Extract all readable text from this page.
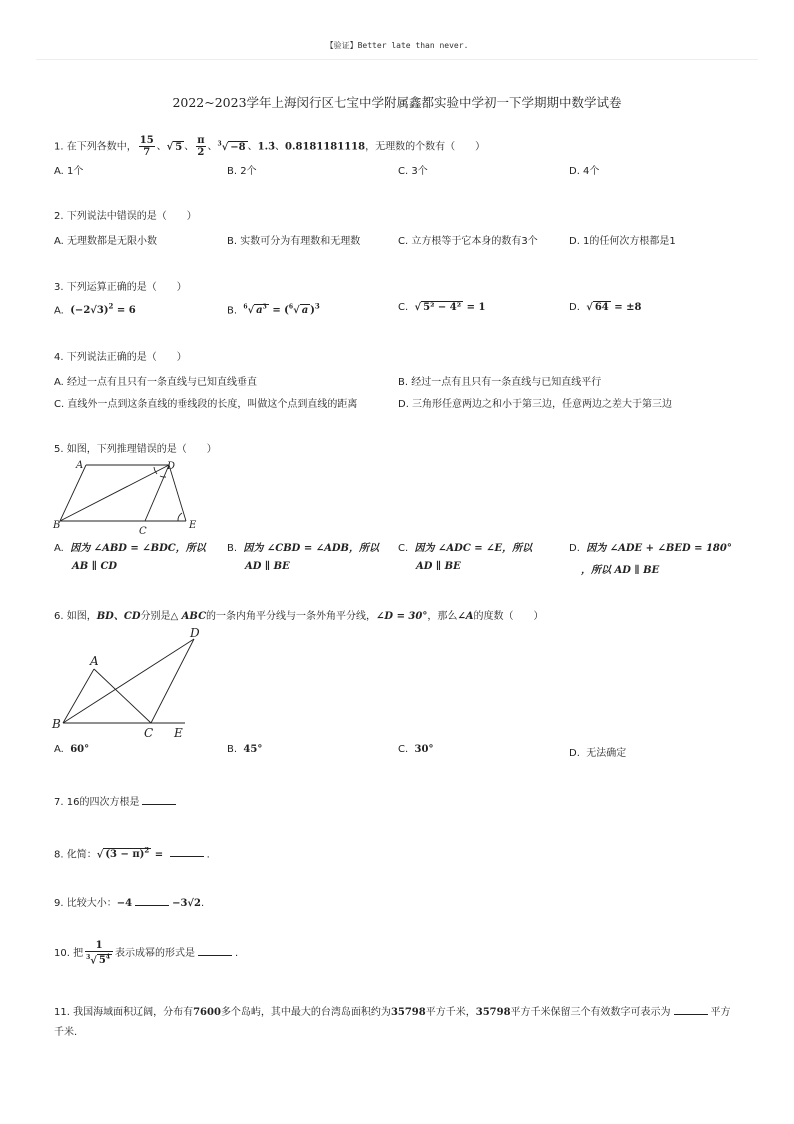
【验证】Better late than never.
2022~2023学年上海闵行区七宝中学附属鑫都实验中学初一下学期期中数学试卷
1. 在下列各数中， $\frac{15}{7}$ 、√ 5 、 $\frac{\pi}{2}$ 、$^3$√ −8 、1.3̇、0.8181181118，无理数的个数有（　　）
A. 1个	B. 2个	C. 3个	D. 4个
2. 下列说法中错误的是（　　）
A. 无理数都是无限小数	B. 实数可分为有理数和无理数	C. 立方根等于它本身的数有3个	D. 1的任何次方根都是1
3. 下列运算正确的是（　　）
A. $(-2√3)^2 = 6$	B. $^6$√ $a^3 = (^6√$ a )$^3$	C. √ 5² − 4² = 1	D. √ 64 = ±8
4. 下列说法正确的是（　　）
A. 经过一点有且只有一条直线与已知直线垂直	B. 经过一点有且只有一条直线与已知直线平行
C. 直线外一点到这条直线的垂线段的长度，叫做这个点到直线的距离	D. 三角形任意两边之和小于第三边，任意两边之差大于第三边
5. 如图，下列推理错误的是（　　）
A	D
B
C
E
A. 因为 ∠ABD = ∠BDC，所以
AB ∥ CD
B. 因为 ∠CBD = ∠ADB，所以
AD ∥ BE
C. 因为 ∠ADC = ∠E，所以
AD ∥ BE
D. 因为 ∠ADE + ∠BED = 180°
，所以 AD ∥ BE
6. 如图，BD、CD分别是△ ABC的一条内角平分线与一条外角平分线，∠D = 30°，那么∠A的度数（　　）
D
A
B
C E
A. 60°	B. 45°	C. 30°	D. 无法确定
7. 16的四次方根是
8. 化简：√ $(3 - \pi)^2$ =	.
9. 比较大小：−4	−3√2.
10. 把 $\frac{1}{^3√ 5^4}$ 表示成幂的形式是	.
11. 我国海域面积辽阔，分布有7600多个岛屿，其中最大的台湾岛面积约为35798平方千米，35798平方千米保留三个有效数字可表示为	平方
千米.
